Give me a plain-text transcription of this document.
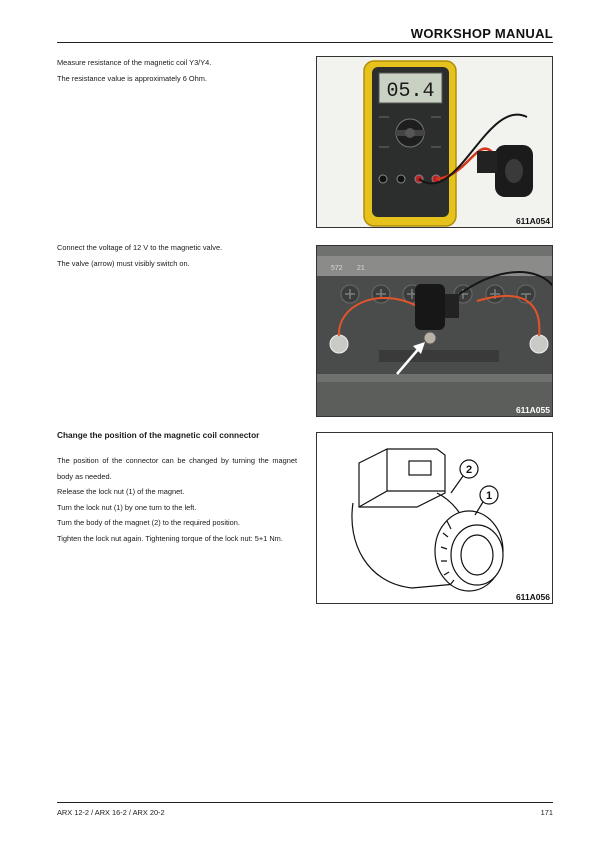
WORKSHOP MANUAL

Measure resistance of the magnetic coil Y3/Y4.

The resistance value is approximately 6 Ohm.

05.4
611A054

Connect the voltage of 12 V to the magnetic valve.

The valve (arrow) must visibly switch on.

572 21
611A055
Change the position of the magnetic coil connector

The position of the connector can be changed by turning the magnet body as needed.

Release the lock nut (1) of the magnet.

Turn the lock nut (1) by one turn to the left.

Turn the body of the magnet (2) to the required position.

Tighten the lock nut again. Tightening torque of the lock nut: 5+1 Nm.

2
1
611A056
ARX 12-2 / ARX 16-2 / ARX 20-2	171
